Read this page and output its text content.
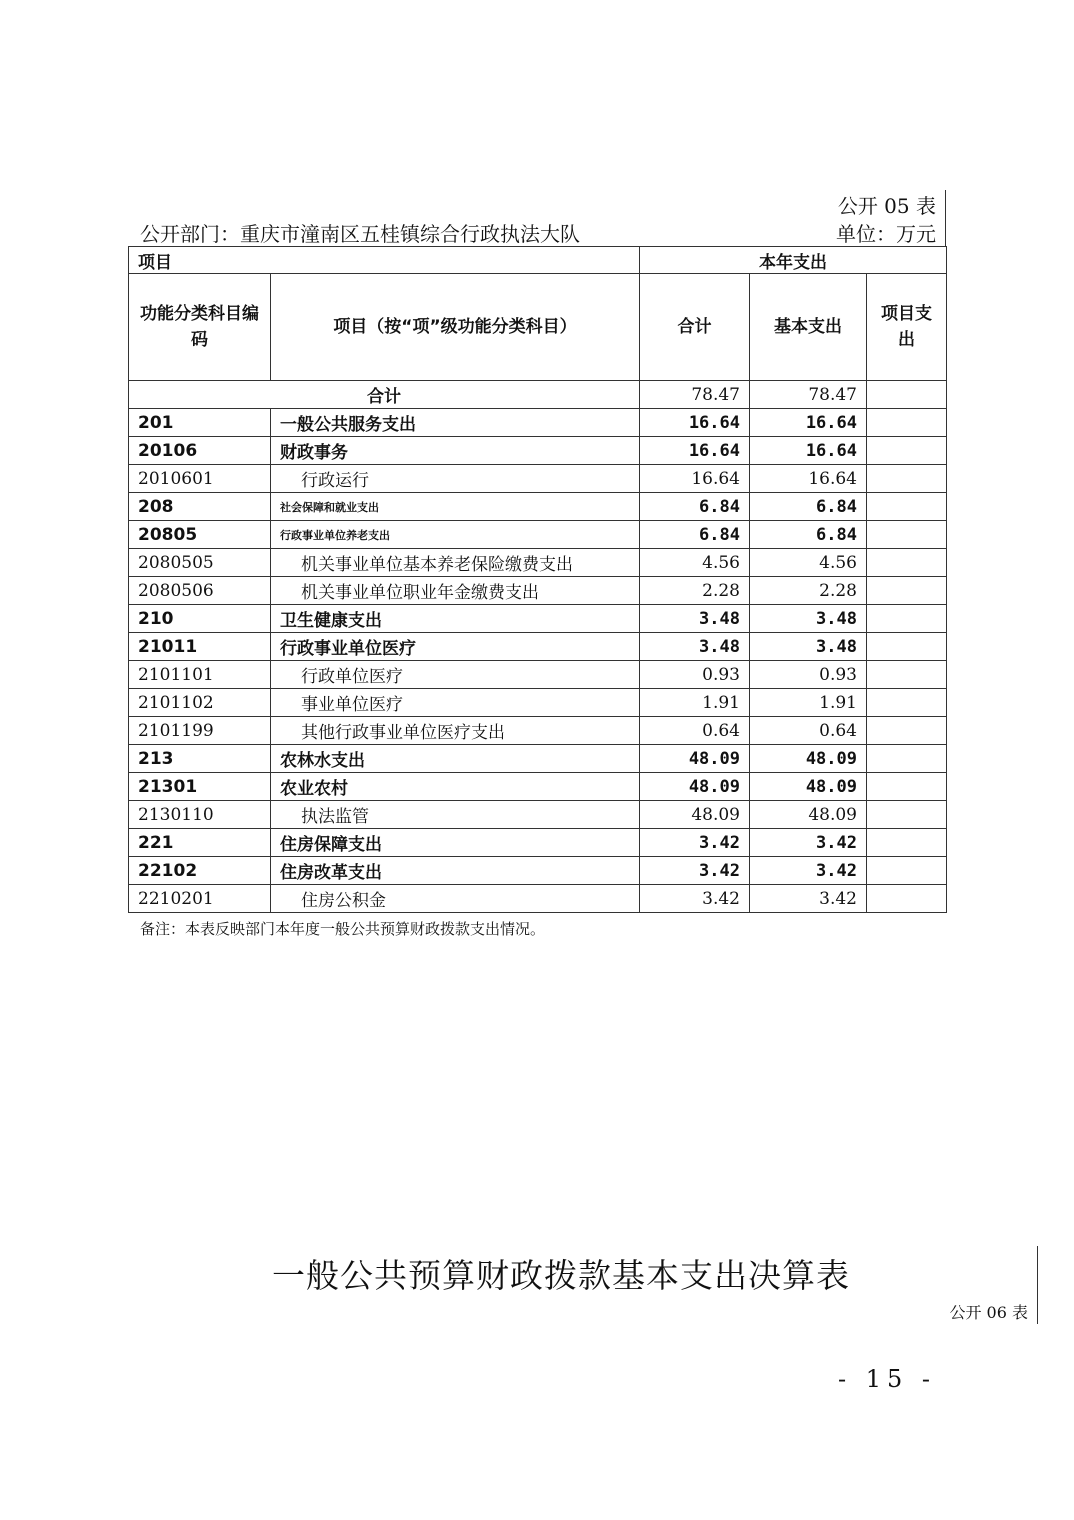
公开 05 表
公开部门：重庆市潼南区五桂镇综合行政执法大队	单位：万元
项目		本年支出		
功能分类科目编码	项目（按“项”级功能分类科目）	合计	基本支出	项目支出
合计		78.47	78.47	
201	一般公共服务支出	16.64	16.64	
20106	财政事务	16.64	16.64	
2010601	行政运行	16.64	16.64	
208	社会保障和就业支出	6.84	6.84	
20805	行政事业单位养老支出	6.84	6.84	
2080505	机关事业单位基本养老保险缴费支出	4.56	4.56	
2080506	机关事业单位职业年金缴费支出	2.28	2.28	
210	卫生健康支出	3.48	3.48	
21011	行政事业单位医疗	3.48	3.48	
2101101	行政单位医疗	0.93	0.93	
2101102	事业单位医疗	1.91	1.91	
2101199	其他行政事业单位医疗支出	0.64	0.64	
213	农林水支出	48.09	48.09	
21301	农业农村	48.09	48.09	
2130110	执法监管	48.09	48.09	
221	住房保障支出	3.42	3.42	
22102	住房改革支出	3.42	3.42	
2210201	住房公积金	3.42	3.42	
备注：本表反映部门本年度一般公共预算财政拨款支出情况。
一般公共预算财政拨款基本支出决算表
公开 06 表
- 15 -
